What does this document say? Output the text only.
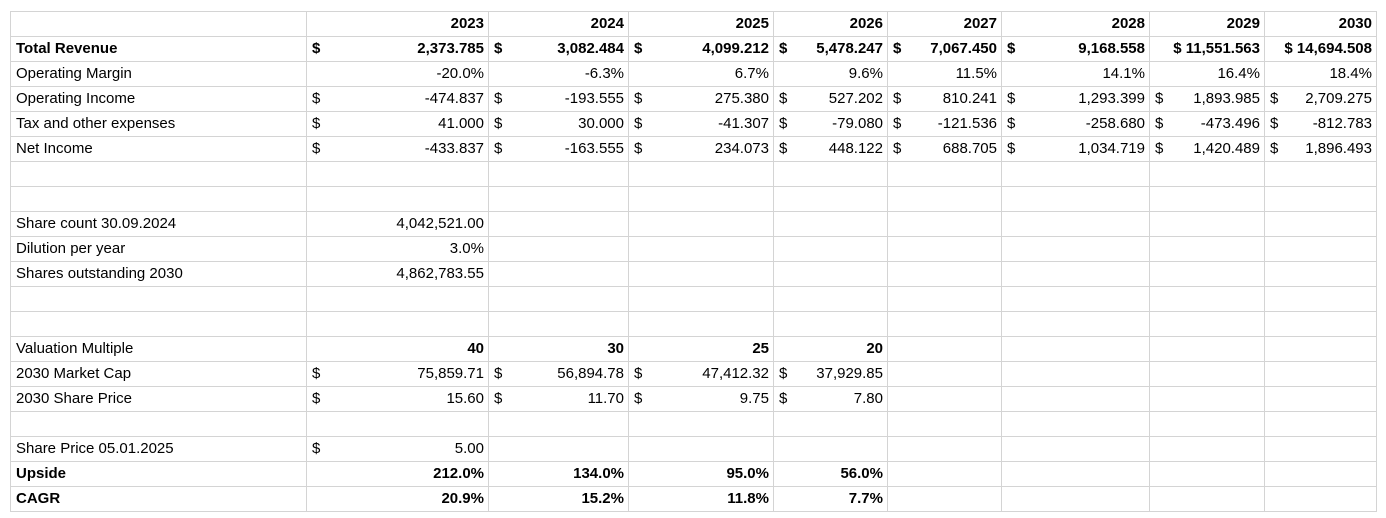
	2023	2024	2025	2026	2027	2028	2029	2030

Total Revenue	$ 2,373.785	$ 3,082.484	$ 4,099.212	$ 5,478.247	$ 7,067.450	$ 9,168.558	$ 11,551.563	$ 14,694.508

Operating Margin	-20.0%	-6.3%	6.7%	9.6%	11.5%	14.1%	16.4%	18.4%

Operating Income	$ -474.837	$ -193.555	$ 275.380	$ 527.202	$ 810.241	$ 1,293.399	$ 1,893.985	$ 2,709.275

Tax and other expenses	$ 41.000	$ 30.000	$ -41.307	$ -79.080	$ -121.536	$ -258.680	$ -473.496	$ -812.783

Net Income	$ -433.837	$ -163.555	$ 234.073	$ 448.122	$ 688.705	$ 1,034.719	$ 1,420.489	$ 1,896.493

Share count 30.09.2024	4,042,521.00							

Dilution per year	3.0%							

Shares outstanding 2030	4,862,783.55							

Valuation Multiple	40	30	25	20				

2030 Market Cap	$ 75,859.71	$ 56,894.78	$ 47,412.32	$ 37,929.85				

2030 Share Price	$ 15.60	$ 11.70	$ 9.75	$ 7.80				

Share Price 05.01.2025	$ 5.00							

Upside	212.0%	134.0%	95.0%	56.0%				

CAGR	20.9%	15.2%	11.8%	7.7%				
